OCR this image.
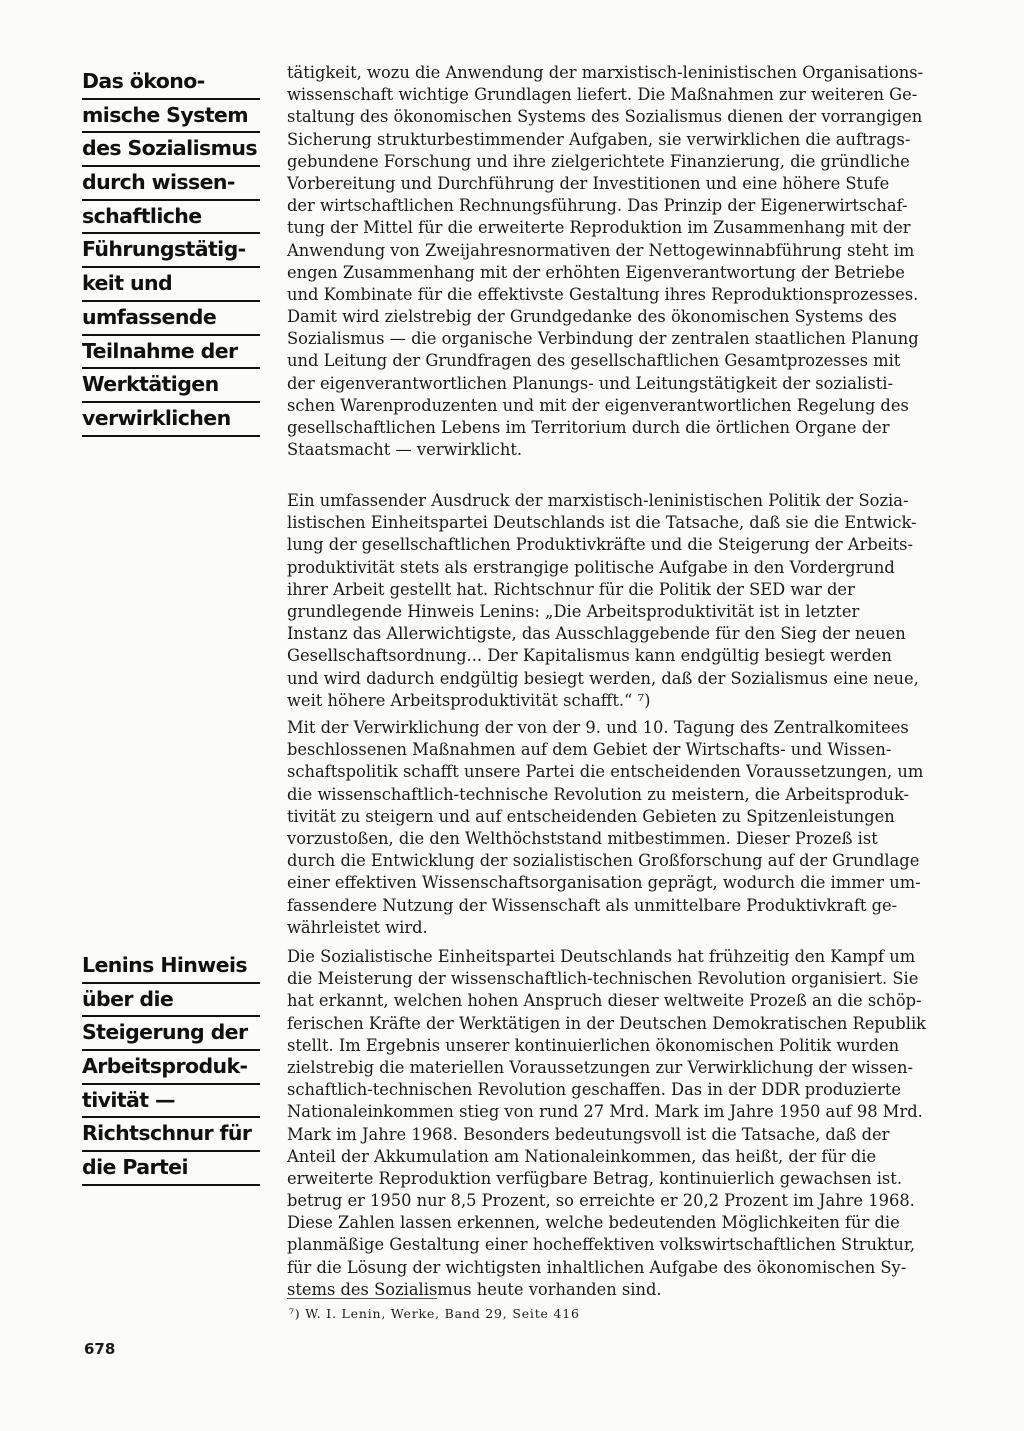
Das ökono-
mische System
des Sozialismus
durch wissen-
schaftliche
Führungstätig-
keit und
umfassende
Teilnahme der
Werktätigen
verwirklichen
Lenins Hinweis
über die
Steigerung der
Arbeitsproduk-
tivität —
Richtschnur für
die Partei
tätigkeit, wozu die Anwendung der marxistisch-leninistischen Organisations-
wissenschaft wichtige Grundlagen liefert. Die Maßnahmen zur weiteren Ge-
staltung des ökonomischen Systems des Sozialismus dienen der vorrangigen
Sicherung strukturbestimmender Aufgaben, sie verwirklichen die auftrags-
gebundene Forschung und ihre zielgerichtete Finanzierung, die gründliche
Vorbereitung und Durchführung der Investitionen und eine höhere Stufe
der wirtschaftlichen Rechnungsführung. Das Prinzip der Eigenerwirtschaf-
tung der Mittel für die erweiterte Reproduktion im Zusammenhang mit der
Anwendung von Zweijahresnormativen der Nettogewinnabführung steht im
engen Zusammenhang mit der erhöhten Eigenverantwortung der Betriebe
und Kombinate für die effektivste Gestaltung ihres Reproduktionsprozesses.
Damit wird zielstrebig der Grundgedanke des ökonomischen Systems des
Sozialismus — die organische Verbindung der zentralen staatlichen Planung
und Leitung der Grundfragen des gesellschaftlichen Gesamtprozesses mit
der eigenverantwortlichen Planungs- und Leitungstätigkeit der sozialisti-
schen Warenproduzenten und mit der eigenverantwortlichen Regelung des
gesellschaftlichen Lebens im Territorium durch die örtlichen Organe der
Staatsmacht — verwirklicht.
Ein umfassender Ausdruck der marxistisch-leninistischen Politik der Sozia-
listischen Einheitspartei Deutschlands ist die Tatsache, daß sie die Entwick-
lung der gesellschaftlichen Produktivkräfte und die Steigerung der Arbeits-
produktivität stets als erstrangige politische Aufgabe in den Vordergrund
ihrer Arbeit gestellt hat. Richtschnur für die Politik der SED war der
grundlegende Hinweis Lenins: „Die Arbeitsproduktivität ist in letzter
Instanz das Allerwichtigste, das Ausschlaggebende für den Sieg der neuen
Gesellschaftsordnung... Der Kapitalismus kann endgültig besiegt werden
und wird dadurch endgültig besiegt werden, daß der Sozialismus eine neue,
weit höhere Arbeitsproduktivität schafft.“ ⁷)
Mit der Verwirklichung der von der 9. und 10. Tagung des Zentralkomitees
beschlossenen Maßnahmen auf dem Gebiet der Wirtschafts- und Wissen-
schaftspolitik schafft unsere Partei die entscheidenden Voraussetzungen, um
die wissenschaftlich-technische Revolution zu meistern, die Arbeitsproduk-
tivität zu steigern und auf entscheidenden Gebieten zu Spitzenleistungen
vorzustoßen, die den Welthöchststand mitbestimmen. Dieser Prozeß ist
durch die Entwicklung der sozialistischen Großforschung auf der Grundlage
einer effektiven Wissenschaftsorganisation geprägt, wodurch die immer um-
fassendere Nutzung der Wissenschaft als unmittelbare Produktivkraft ge-
währleistet wird.
Die Sozialistische Einheitspartei Deutschlands hat frühzeitig den Kampf um
die Meisterung der wissenschaftlich-technischen Revolution organisiert. Sie
hat erkannt, welchen hohen Anspruch dieser weltweite Prozeß an die schöp-
ferischen Kräfte der Werktätigen in der Deutschen Demokratischen Republik
stellt. Im Ergebnis unserer kontinuierlichen ökonomischen Politik wurden
zielstrebig die materiellen Voraussetzungen zur Verwirklichung der wissen-
schaftlich-technischen Revolution geschaffen. Das in der DDR produzierte
Nationaleinkommen stieg von rund 27 Mrd. Mark im Jahre 1950 auf 98 Mrd.
Mark im Jahre 1968. Besonders bedeutungsvoll ist die Tatsache, daß der
Anteil der Akkumulation am Nationaleinkommen, das heißt, der für die
erweiterte Reproduktion verfügbare Betrag, kontinuierlich gewachsen ist.
betrug er 1950 nur 8,5 Prozent, so erreichte er 20,2 Prozent im Jahre 1968.
Diese Zahlen lassen erkennen, welche bedeutenden Möglichkeiten für die
planmäßige Gestaltung einer hocheffektiven volkswirtschaftlichen Struktur,
für die Lösung der wichtigsten inhaltlichen Aufgabe des ökonomischen Sy-
stems des Sozialismus heute vorhanden sind.
⁷) W. I. Lenin, Werke, Band 29, Seite 416
678
